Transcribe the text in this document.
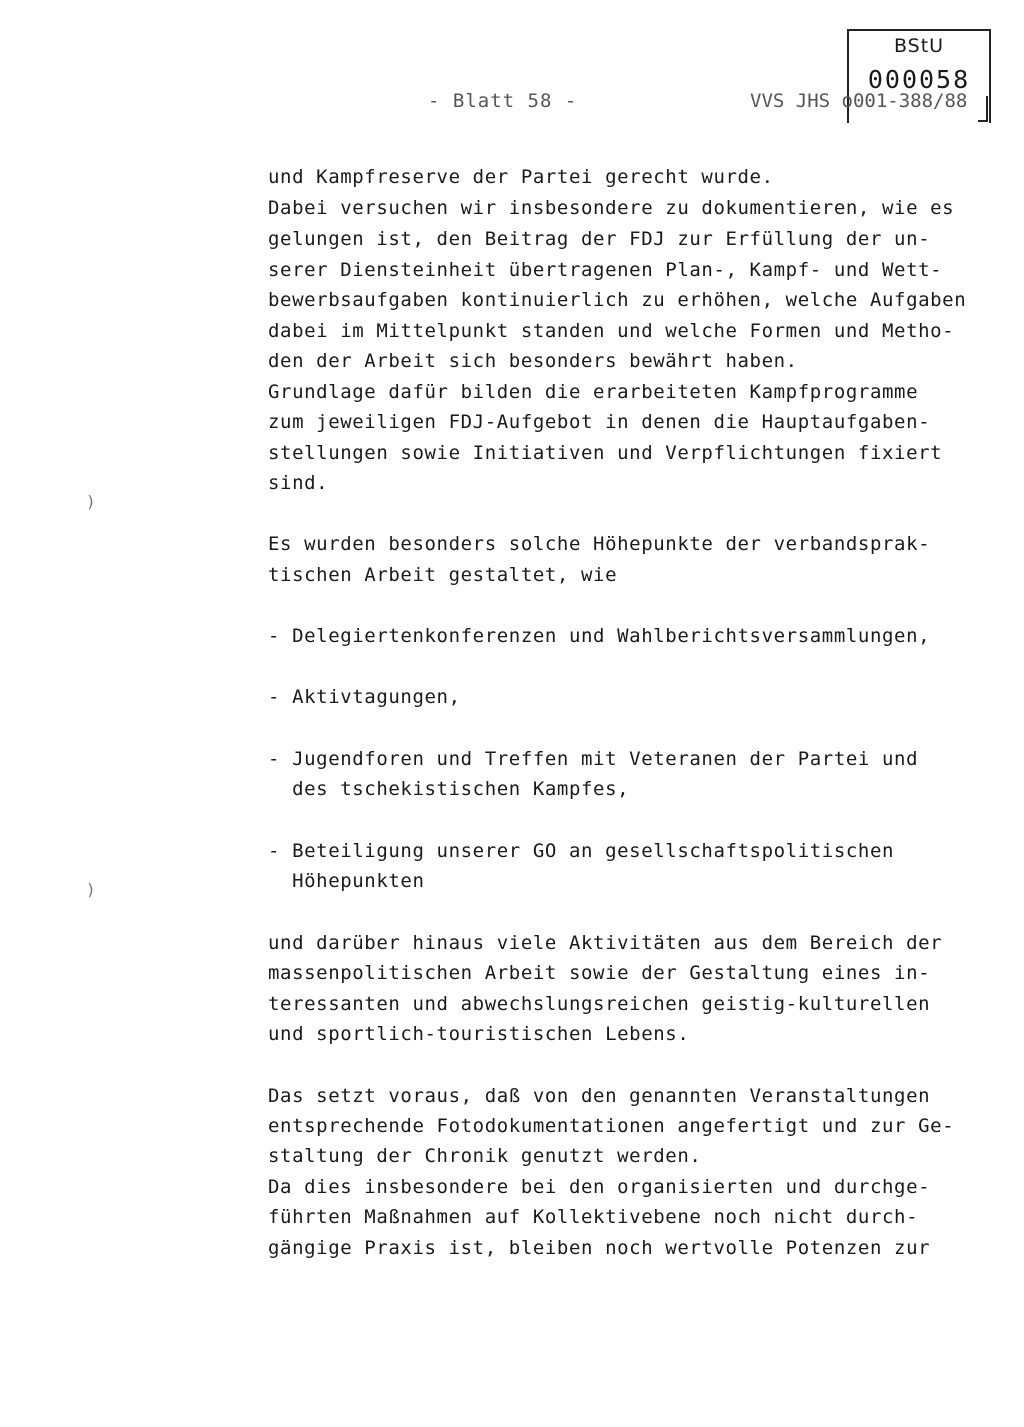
BStU
000058
- Blatt 58 -	VVS JHS o001-388/88
)
)
und Kampfreserve der Partei gerecht wurde.
Dabei versuchen wir insbesondere zu dokumentieren, wie es
gelungen ist, den Beitrag der FDJ zur Erfüllung der un-
serer Diensteinheit übertragenen Plan-, Kampf- und Wett-
bewerbsaufgaben kontinuierlich zu erhöhen, welche Aufgaben
dabei im Mittelpunkt standen und welche Formen und Metho-
den der Arbeit sich besonders bewährt haben.
Grundlage dafür bilden die erarbeiteten Kampfprogramme
zum jeweiligen FDJ-Aufgebot in denen die Hauptaufgaben-
stellungen sowie Initiativen und Verpflichtungen fixiert
sind.
Es wurden besonders solche Höhepunkte der verbandsprak-
tischen Arbeit gestaltet, wie
- Delegiertenkonferenzen und Wahlberichtsversammlungen,
- Aktivtagungen,
- Jugendforen und Treffen mit Veteranen der Partei und
des tschekistischen Kampfes,
- Beteiligung unserer GO an gesellschaftspolitischen
Höhepunkten
und darüber hinaus viele Aktivitäten aus dem Bereich der
massenpolitischen Arbeit sowie der Gestaltung eines in-
teressanten und abwechslungsreichen geistig-kulturellen
und sportlich-touristischen Lebens.
Das setzt voraus, daß von den genannten Veranstaltungen
entsprechende Fotodokumentationen angefertigt und zur Ge-
staltung der Chronik genutzt werden.
Da dies insbesondere bei den organisierten und durchge-
führten Maßnahmen auf Kollektivebene noch nicht durch-
gängige Praxis ist, bleiben noch wertvolle Potenzen zur
